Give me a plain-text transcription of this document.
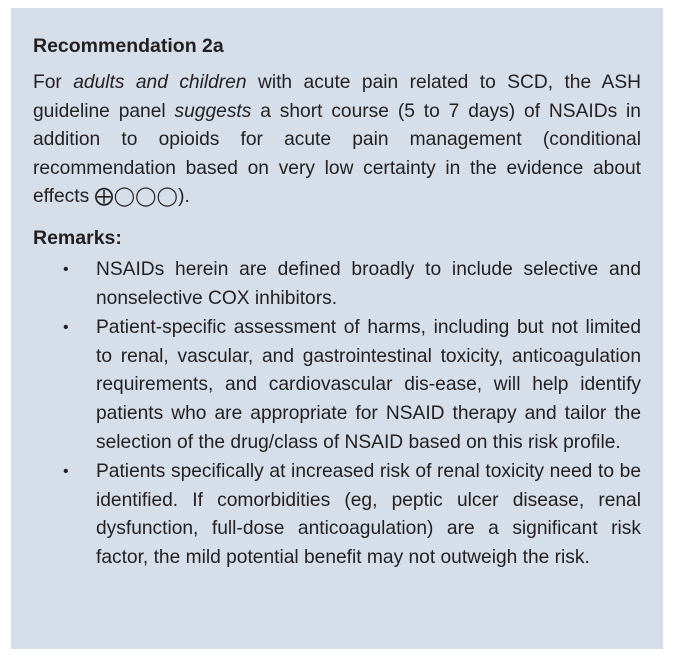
Recommendation 2a

For adults and children with acute pain related to SCD, the ASH guideline panel suggests a short course (5 to 7 days) of NSAIDs in addition to opioids for acute pain management (conditional recommendation based on very low certainty in the evidence about effects ⨁◯◯◯).

Remarks:
• NSAIDs herein are defined broadly to include selective and nonselective COX inhibitors.
• Patient-specific assessment of harms, including but not limited to renal, vascular, and gastrointestinal toxicity, anticoagulation requirements, and cardiovascular dis-ease, will help identify patients who are appropriate for NSAID therapy and tailor the selection of the drug/class of NSAID based on this risk profile.
• Patients specifically at increased risk of renal toxicity need to be identified. If comorbidities (eg, peptic ulcer disease, renal dysfunction, full-dose anticoagulation) are a significant risk factor, the mild potential benefit may not outweigh the risk.
